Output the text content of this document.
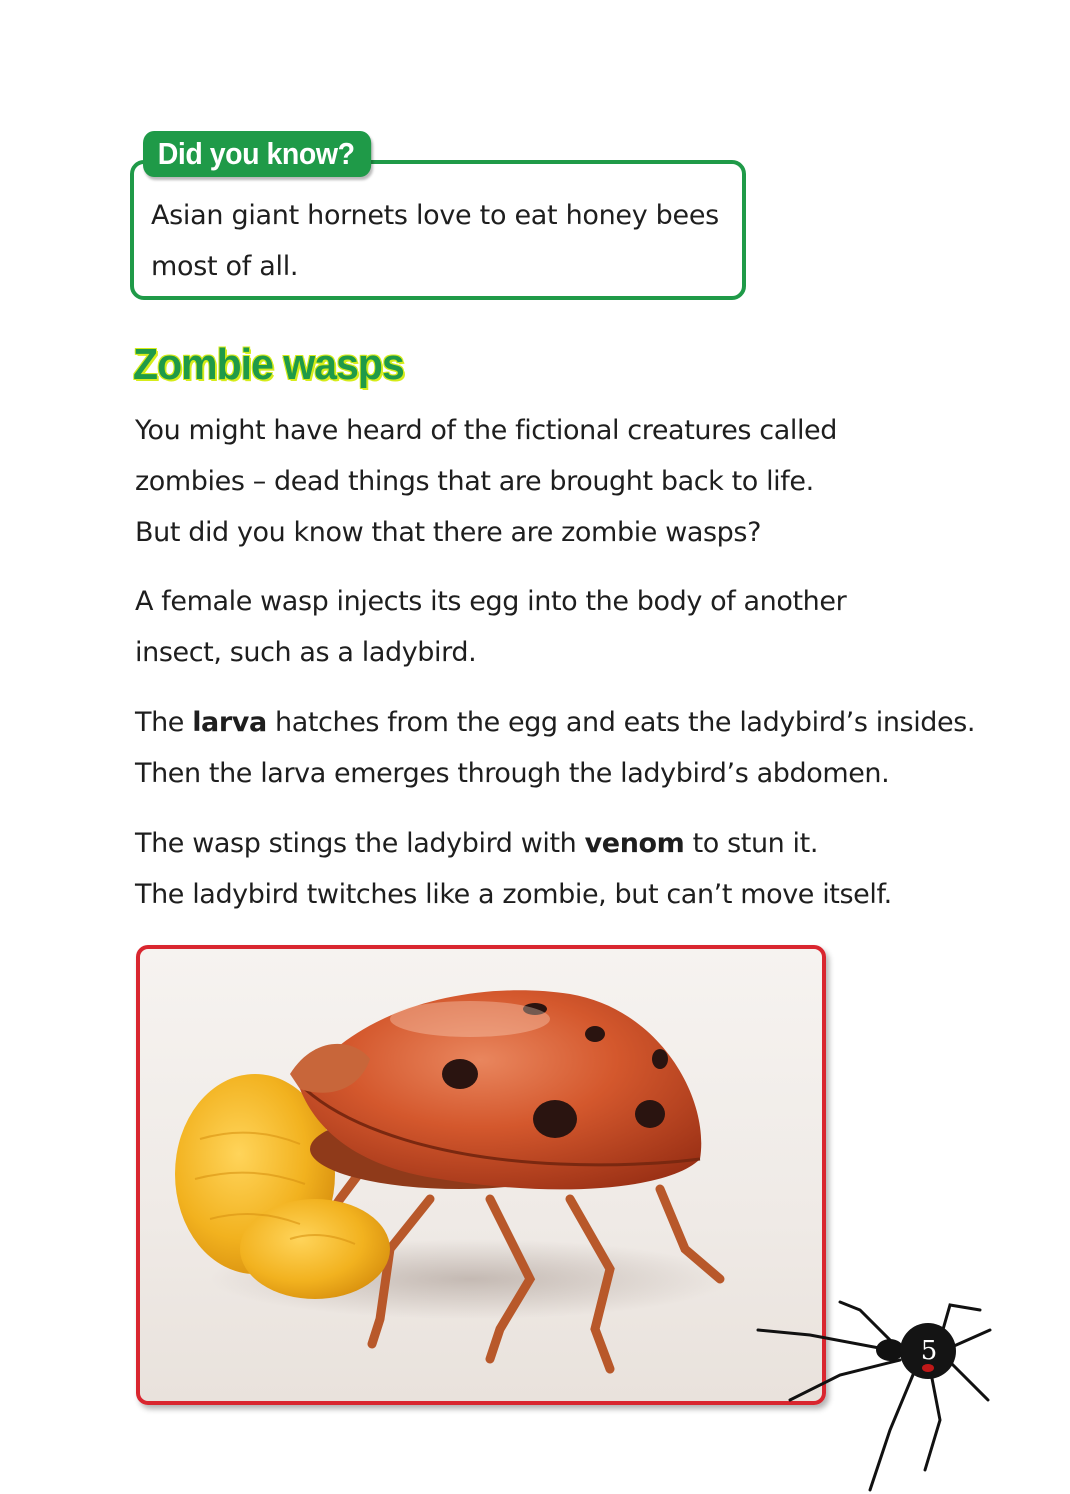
Did you know?
Asian giant hornets love to eat honey bees
most of all.
Zombie wasps

You might have heard of the fictional creatures called
zombies – dead things that are brought back to life.
But did you know that there are zombie wasps?

A female wasp injects its egg into the body of another
insect, such as a ladybird.

The larva hatches from the egg and eats the ladybird’s insides.
Then the larva emerges through the ladybird’s abdomen.

The wasp stings the ladybird with venom to stun it.
The ladybird twitches like a zombie, but can’t move itself.

5
